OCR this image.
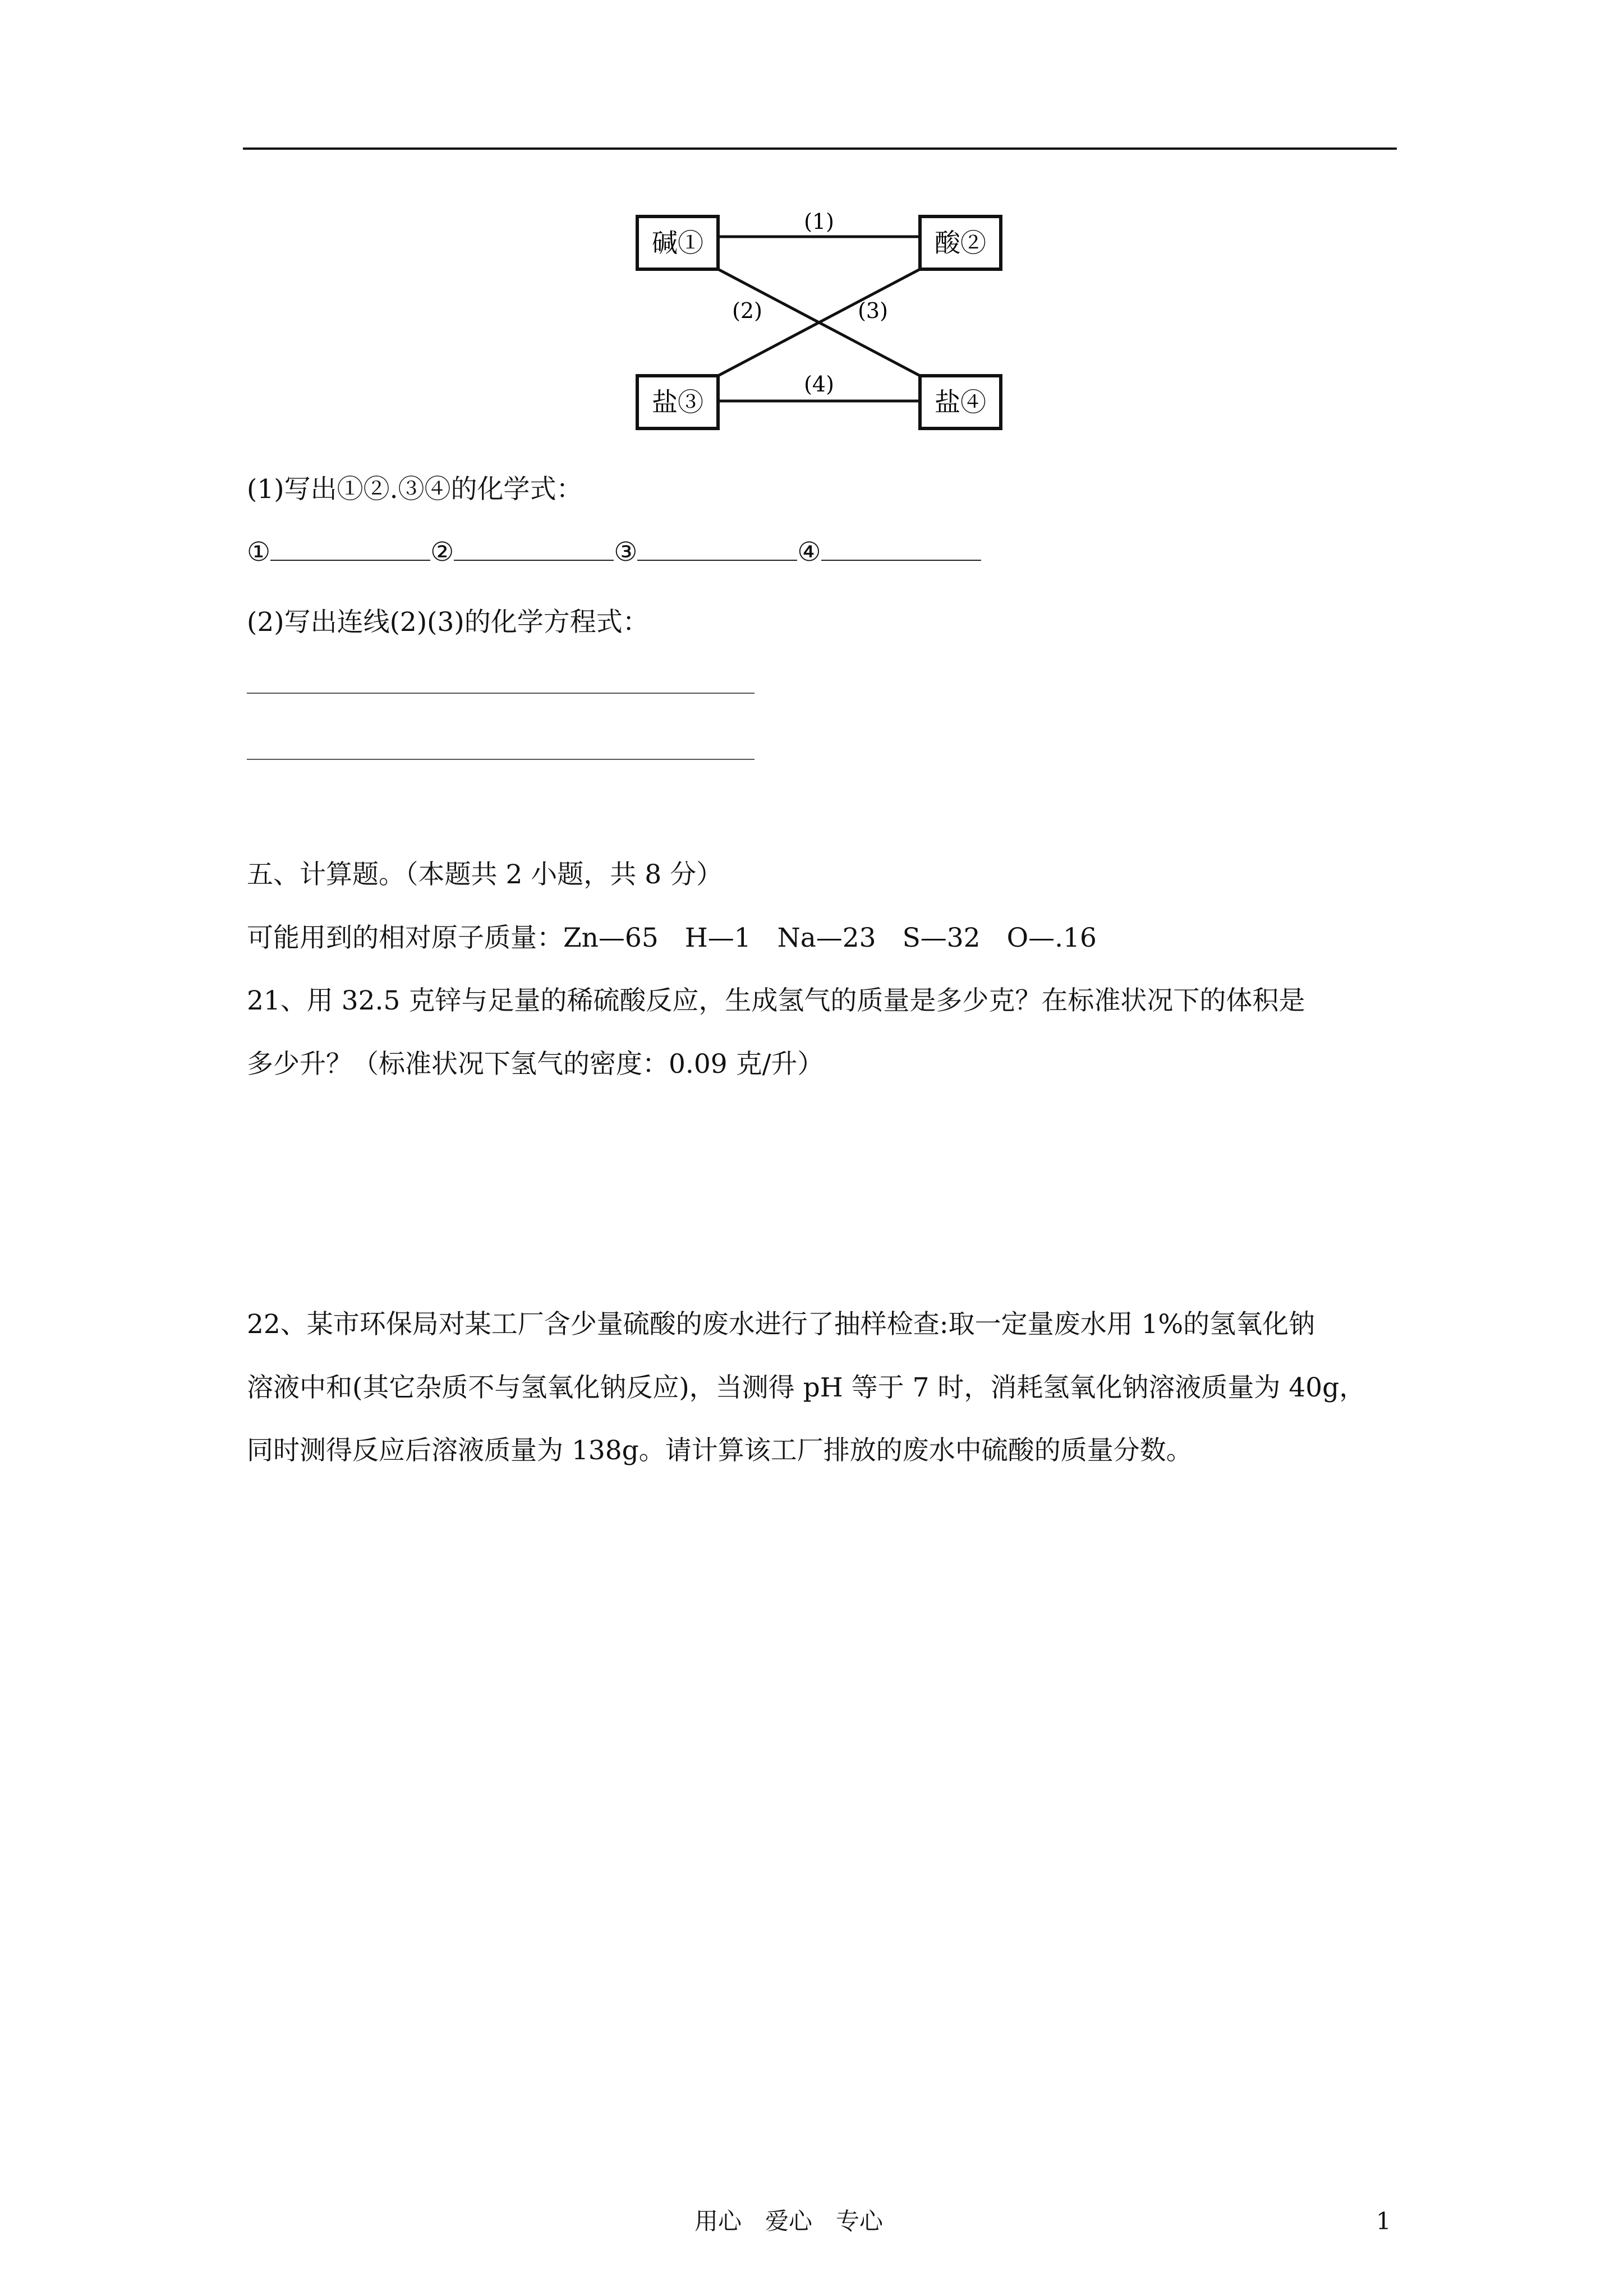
碱①	酸②
盐③	盐④
(1)
(2)	(3)
(4)
(1)写出①②.③④的化学式：
①	②	③	④
(2)写出连线(2)(3)的化学方程式：
五、计算题。（本题共 2 小题，共 8 分）
可能用到的相对原子质量：Zn—65　H—1　Na—23　S—32　O—.16
21、用 32.5 克锌与足量的稀硫酸反应，生成氢气的质量是多少克？在标准状况下的体积是
多少升？（标准状况下氢气的密度：0.09 克/升）
22、某市环保局对某工厂含少量硫酸的废水进行了抽样检查:取一定量废水用 1%的氢氧化钠
溶液中和(其它杂质不与氢氧化钠反应)，当测得 pH 等于 7 时，消耗氢氧化钠溶液质量为 40g，
同时测得反应后溶液质量为 138g。请计算该工厂排放的废水中硫酸的质量分数。
用心　爱心　专心	1
